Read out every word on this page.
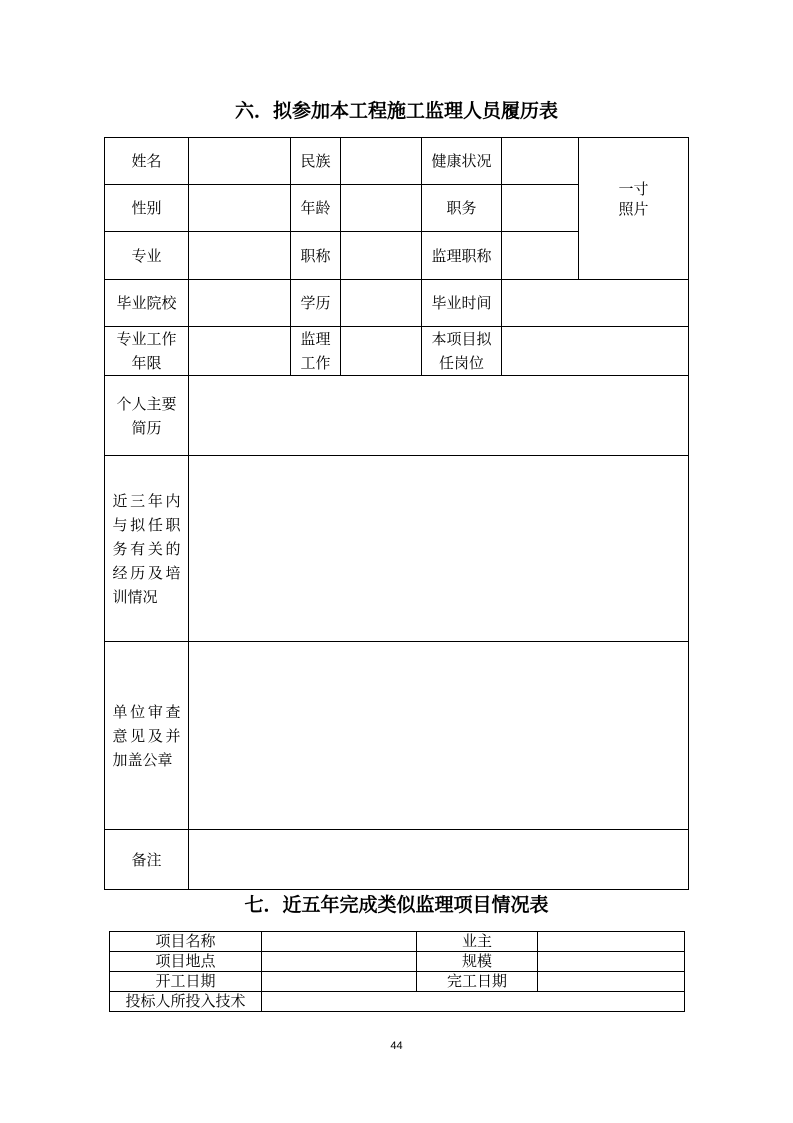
六．拟参加本工程施工监理人员履历表
姓名		民族		健康状况		一寸照片

性别		年龄		职务		
专业		职称		监理职称		
毕业院校		学历		毕业时间		

专业工作年限		监理工作		本项目拟任岗位		

个人主要简历						

近三年内与拟任职务有关的经历及培训情况						

单位审查意见及并加盖公章						

备注						
七．近五年完成类似监理项目情况表
项目名称		业主	
项目地点		规模	
开工日期		完工日期	
投标人所投入技术			
44
